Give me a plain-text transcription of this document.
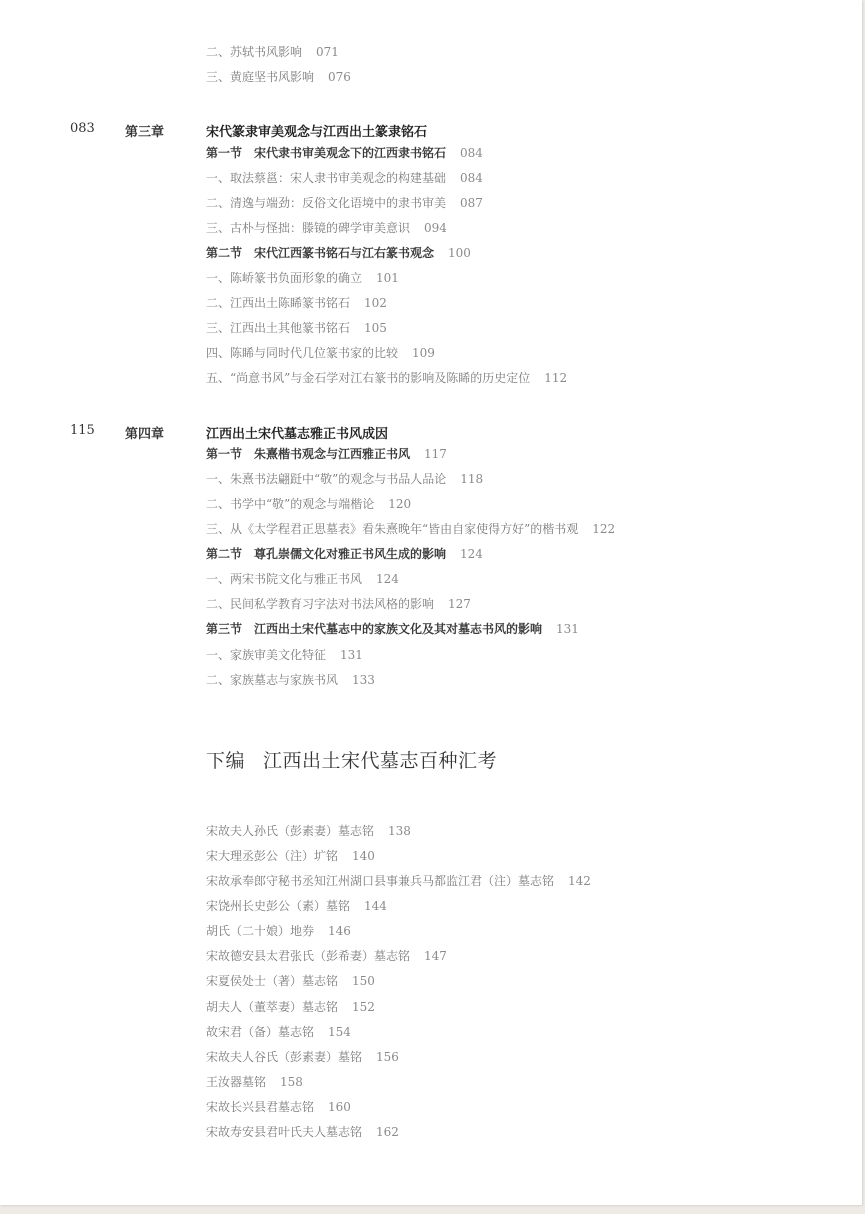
二、苏轼书风影响 071
三、黄庭坚书风影响 076
083 第三章	宋代篆隶审美观念与江西出土篆隶铭石
第一节　宋代隶书审美观念下的江西隶书铭石 084
一、取法蔡邕：宋人隶书审美观念的构建基础 084
二、清逸与端劲：反俗文化语境中的隶书审美 087
三、古朴与怪拙：滕镜的碑学审美意识 094
第二节　宋代江西篆书铭石与江右篆书观念 100
一、陈峤篆书负面形象的确立 101
二、江西出土陈睎篆书铭石 102
三、江西出土其他篆书铭石 105
四、陈睎与同时代几位篆书家的比较 109
五、“尚意书风”与金石学对江右篆书的影响及陈睎的历史定位 112
115 第四章	江西出土宋代墓志雅正书风成因
第一节　朱熹楷书观念与江西雅正书风 117
一、朱熹书法翩跹中“敬”的观念与书品人品论 118
二、书学中“敬”的观念与端楷论 120
三、从《太学程君正思墓表》看朱熹晚年“皆由自家使得方好”的楷书观 122
第二节　尊孔崇儒文化对雅正书风生成的影响 124
一、两宋书院文化与雅正书风 124
二、民间私学教育习字法对书法风格的影响 127
第三节　江西出土宋代墓志中的家族文化及其对墓志书风的影响 131
一、家族审美文化特征 131
二、家族墓志与家族书风 133
下编 江西出土宋代墓志百种汇考
宋故夫人孙氏（彭素妻）墓志铭 138
宋大理丞彭公（注）圹铭 140
宋故承奉郎守秘书丞知江州湖口县事兼兵马都监江君（注）墓志铭 142
宋饶州长史彭公（素）墓铭 144
胡氏（二十娘）地券 146
宋故德安县太君张氏（彭希妻）墓志铭 147
宋夏侯处士（著）墓志铭 150
胡夫人（董萃妻）墓志铭 152
故宋君（备）墓志铭 154
宋故夫人谷氏（彭素妻）墓铭 156
王汝器墓铭 158
宋故长兴县君墓志铭 160
宋故寿安县君叶氏夫人墓志铭 162
